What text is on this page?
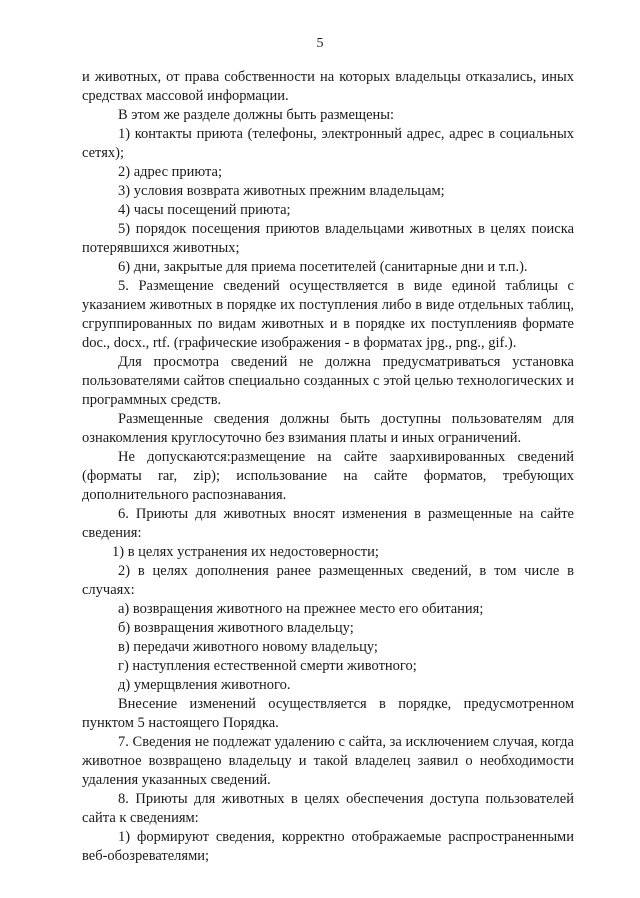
5

и животных, от права собственности на которых владельцы отказались, иных средствах массовой информации.

В этом же разделе должны быть размещены:

1) контакты приюта (телефоны, электронный адрес, адрес в социальных сетях);

2) адрес приюта;

3) условия возврата животных прежним владельцам;

4) часы посещений приюта;

5) порядок посещения приютов владельцами животных в целях поиска потерявшихся животных;

6) дни, закрытые для приема посетителей (санитарные дни и т.п.).

5. Размещение сведений осуществляется в виде единой таблицы с указанием животных в порядке их поступления либо в виде отдельных таблиц, сгруппированных по видам животных и в порядке их поступленияв формате doc., docx., rtf. (графические изображения - в форматах jpg., png., gif.).

Для просмотра сведений не должна предусматриваться установка пользователями сайтов специально созданных с этой целью технологических и программных средств.

Размещенные сведения должны быть доступны пользователям для ознакомления круглосуточно без взимания платы и иных ограничений.

Не допускаются:размещение на сайте заархивированных сведений (форматы rar, zip); использование на сайте форматов, требующих дополнительного распознавания.

6. Приюты для животных вносят изменения в размещенные на сайте сведения:

1) в целях устранения их недостоверности;

2) в целях дополнения ранее размещенных сведений, в том числе в случаях:

а) возвращения животного на прежнее место его обитания;

б) возвращения животного владельцу;

в) передачи животного новому владельцу;

г) наступления естественной смерти животного;

д) умерщвления животного.

Внесение изменений осуществляется в порядке, предусмотренном пунктом 5 настоящего Порядка.

7. Сведения не подлежат удалению с сайта, за исключением случая, когда животное возвращено владельцу и такой владелец заявил о необходимости удаления указанных сведений.

8. Приюты для животных в целях обеспечения доступа пользователей сайта к сведениям:

1) формируют сведения, корректно отображаемые распространенными веб-обозревателями;
